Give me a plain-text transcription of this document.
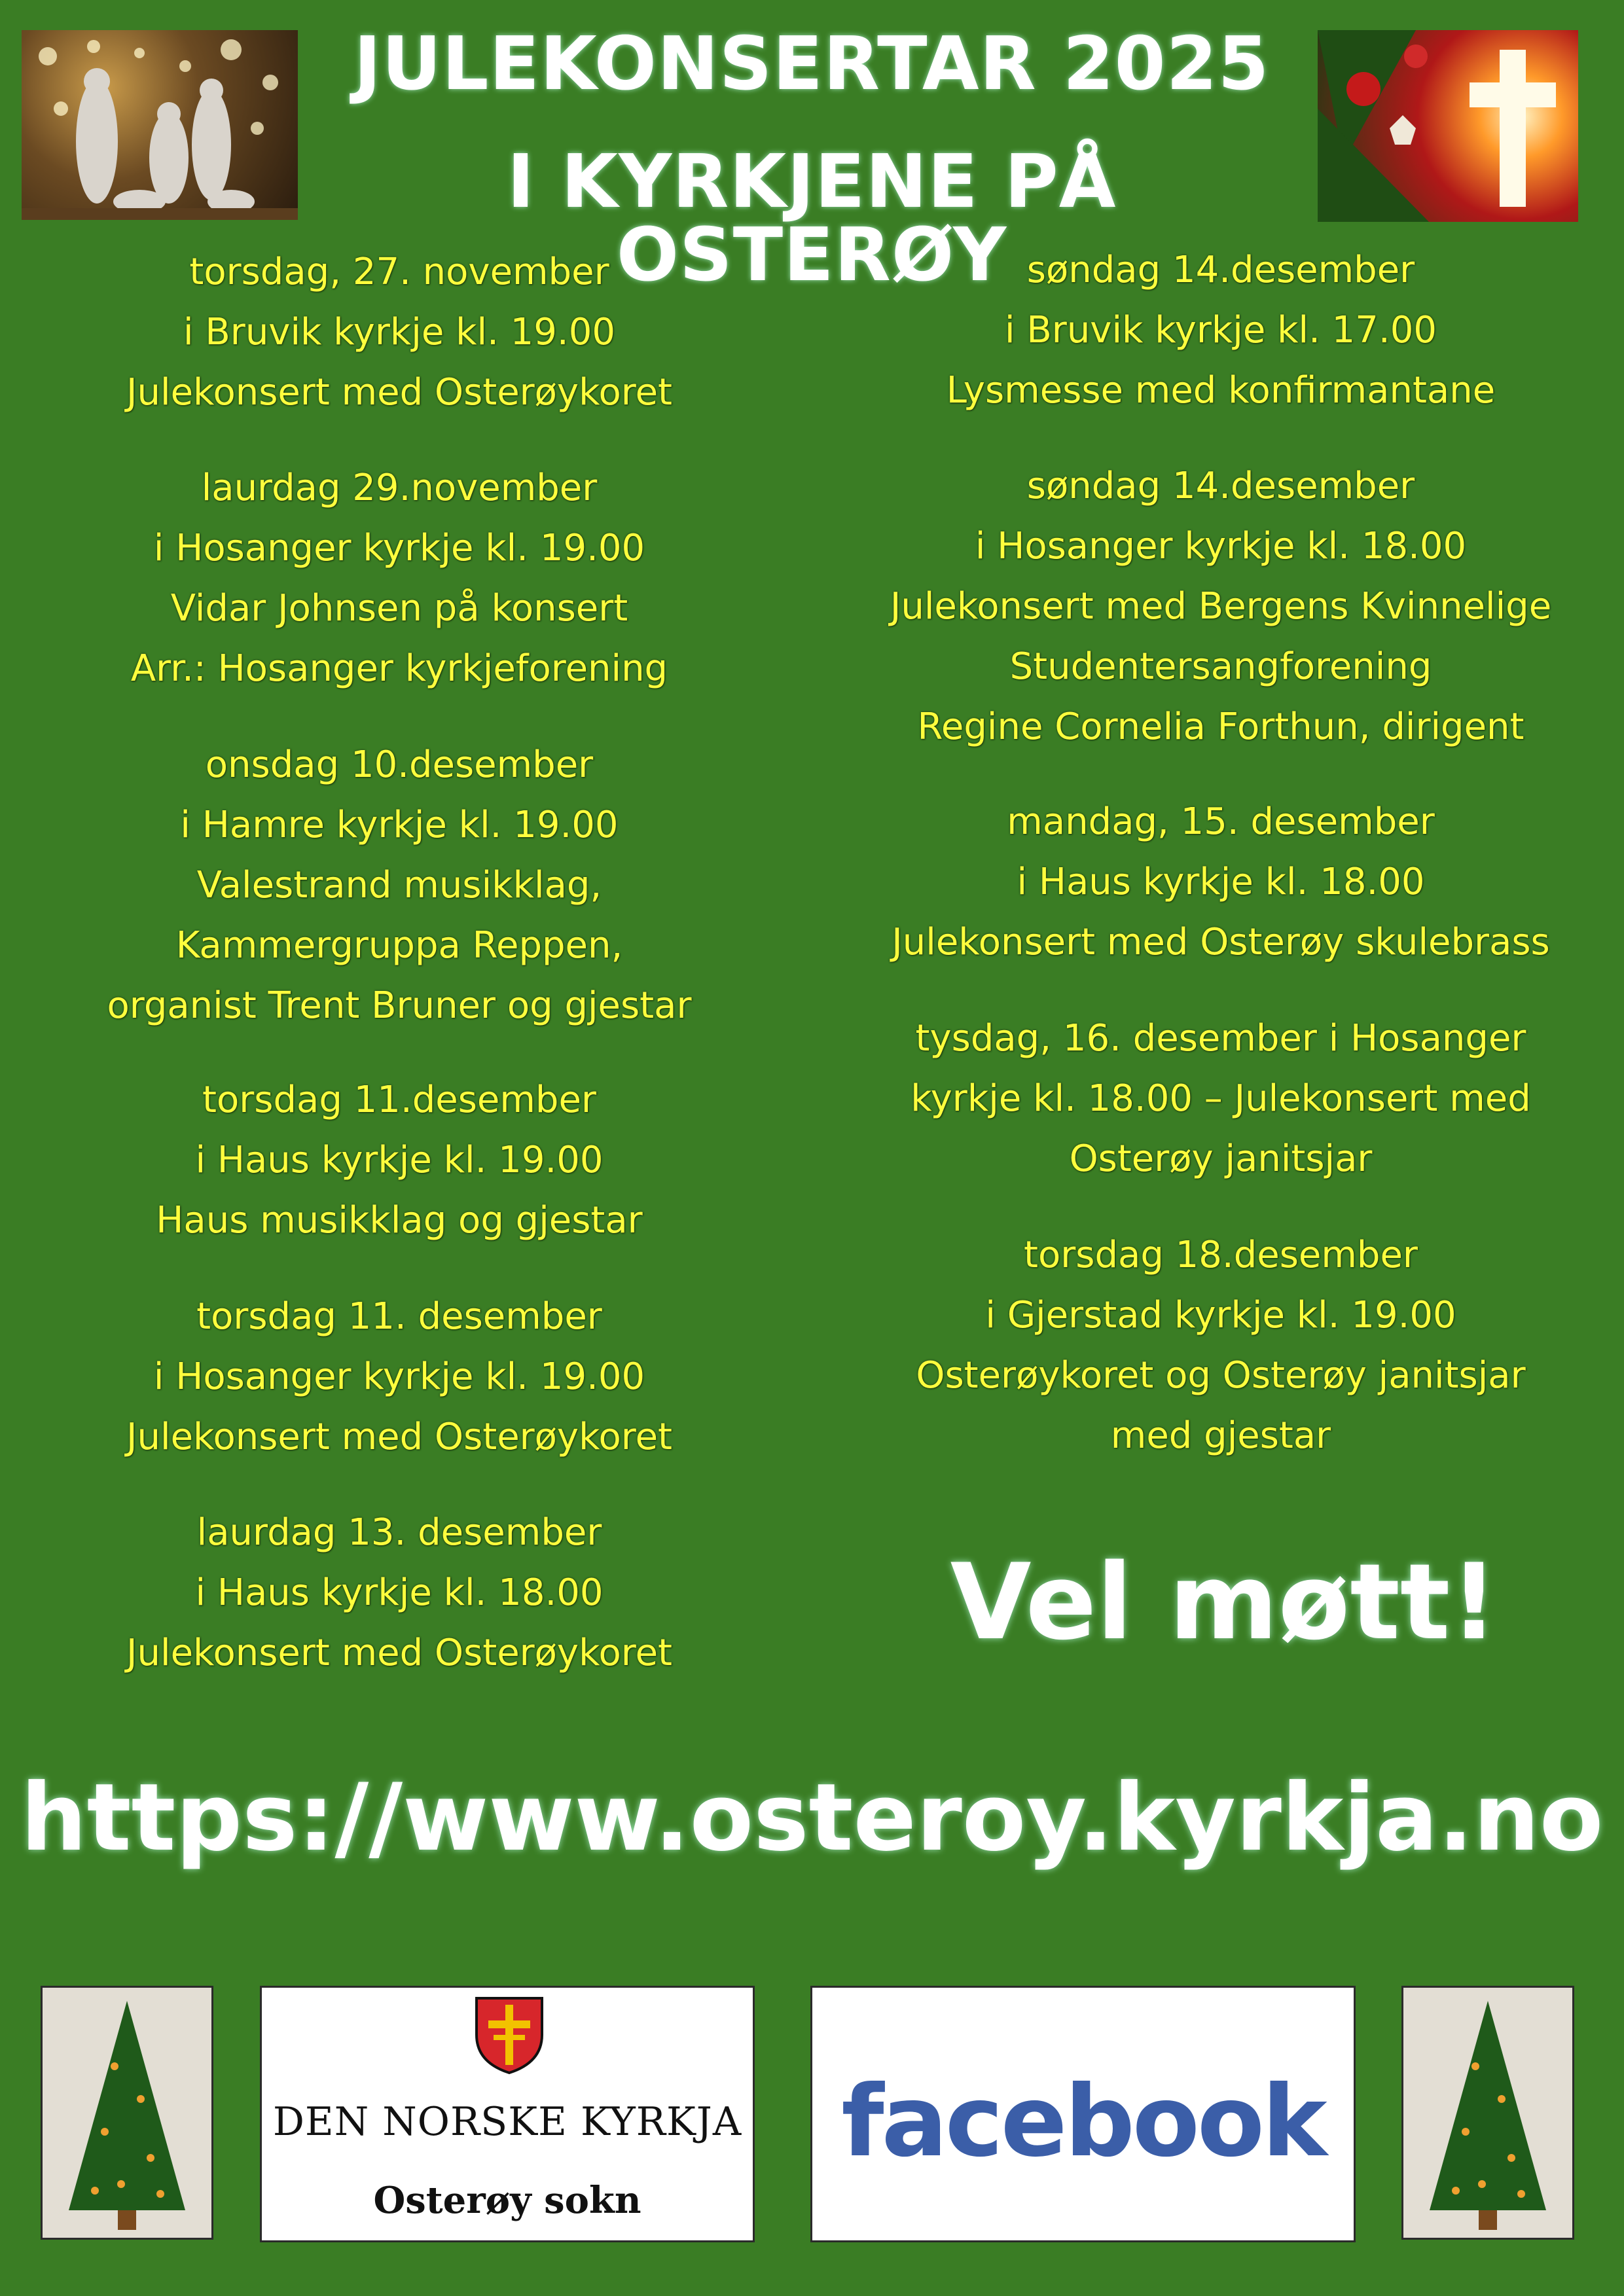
JULEKONSERTAR 2025
I KYRKJENE PÅ OSTERØY
torsdag, 27. november
i Bruvik kyrkje kl. 19.00
Julekonsert med Osterøykoret
laurdag 29.november
i Hosanger kyrkje kl. 19.00
Vidar Johnsen på konsert
Arr.: Hosanger kyrkjeforening
onsdag 10.desember
i Hamre kyrkje kl. 19.00
Valestrand musikklag,
Kammergruppa Reppen,
organist Trent Bruner og gjestar
torsdag 11.desember
i Haus kyrkje kl. 19.00
Haus musikklag og gjestar
torsdag 11. desember
i Hosanger kyrkje kl. 19.00
Julekonsert med Osterøykoret
laurdag 13. desember
i Haus kyrkje kl. 18.00
Julekonsert med Osterøykoret
søndag 14.desember
i Bruvik kyrkje kl. 17.00
Lysmesse med konfirmantane
søndag 14.desember
i Hosanger kyrkje kl. 18.00
Julekonsert med Bergens Kvinnelige
Studentersangforening
Regine Cornelia Forthun, dirigent
mandag, 15. desember
i Haus kyrkje kl. 18.00
Julekonsert med Osterøy skulebrass
tysdag, 16. desember i Hosanger
kyrkje kl. 18.00 – Julekonsert med
Osterøy janitsjar
torsdag 18.desember
i Gjerstad kyrkje kl. 19.00
Osterøykoret og Osterøy janitsjar
med gjestar
Vel møtt!
https://www.osteroy.kyrkja.no
DEN NORSKE KYRKJA
Osterøy sokn
facebook
